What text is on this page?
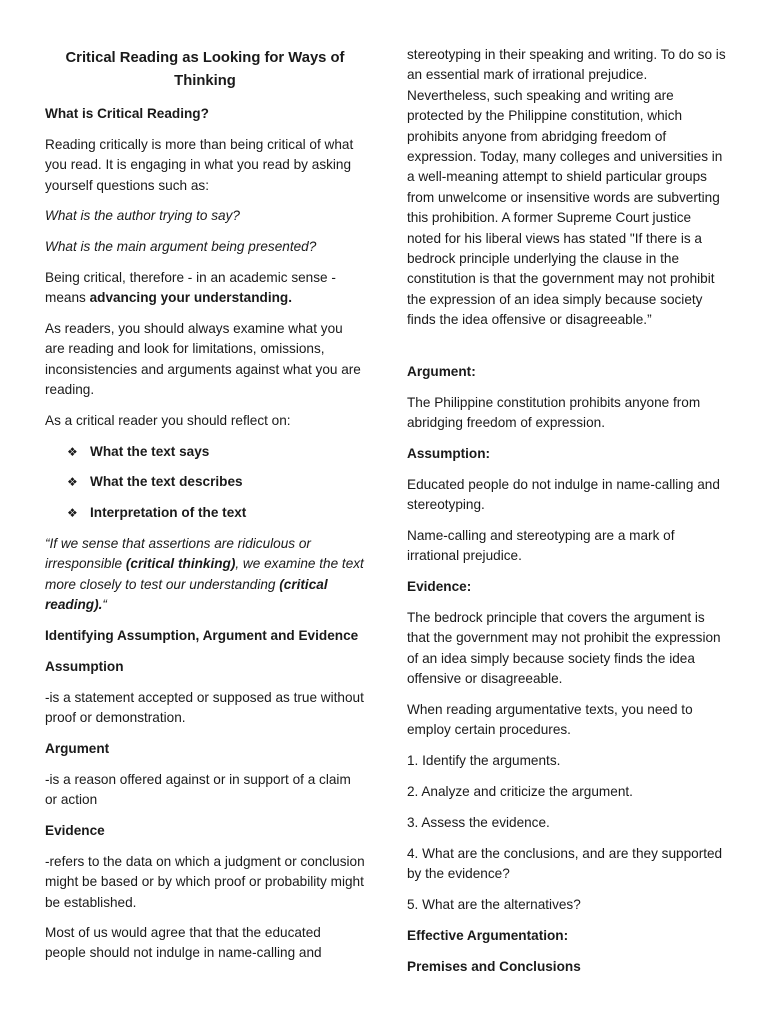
Critical Reading as Looking for Ways of Thinking

What is Critical Reading?

Reading critically is more than being critical of what you read. It is engaging in what you read by asking yourself questions such as:

What is the author trying to say?

What is the main argument being presented?

Being critical, therefore - in an academic sense - means advancing your understanding.

As readers, you should always examine what you are reading and look for limitations, omissions, inconsistencies and arguments against what you are reading.

As a critical reader you should reflect on:

❖ What the text says
❖ What the text describes
❖ Interpretation of the text

“If we sense that assertions are ridiculous or irresponsible (critical thinking), we examine the text more closely to test our understanding (critical reading).“

Identifying Assumption, Argument and Evidence

Assumption

-is a statement accepted or supposed as true without proof or demonstration.

Argument

-is a reason offered against or in support of a claim or action

Evidence

-refers to the data on which a judgment or conclusion might be based or by which proof or probability might be established.

Most of us would agree that that the educated people should not indulge in name-calling and

stereotyping in their speaking and writing. To do so is an essential mark of irrational prejudice. Nevertheless, such speaking and writing are protected by the Philippine constitution, which prohibits anyone from abridging freedom of expression. Today, many colleges and universities in a well-meaning attempt to shield particular groups from unwelcome or insensitive words are subverting this prohibition. A former Supreme Court justice noted for his liberal views has stated "If there is a bedrock principle underlying the clause in the constitution is that the government may not prohibit the expression of an idea simply because society finds the idea offensive or disagreeable.”

Argument:

The Philippine constitution prohibits anyone from abridging freedom of expression.

Assumption:

Educated people do not indulge in name-calling and stereotyping.

Name-calling and stereotyping are a mark of irrational prejudice.

Evidence:

The bedrock principle that covers the argument is that the government may not prohibit the expression of an idea simply because society finds the idea offensive or disagreeable.

When reading argumentative texts, you need to employ certain procedures.

1. Identify the arguments.

2. Analyze and criticize the argument.

3. Assess the evidence.

4. What are the conclusions, and are they supported by the evidence?

5. What are the alternatives?

Effective Argumentation:

Premises and Conclusions
